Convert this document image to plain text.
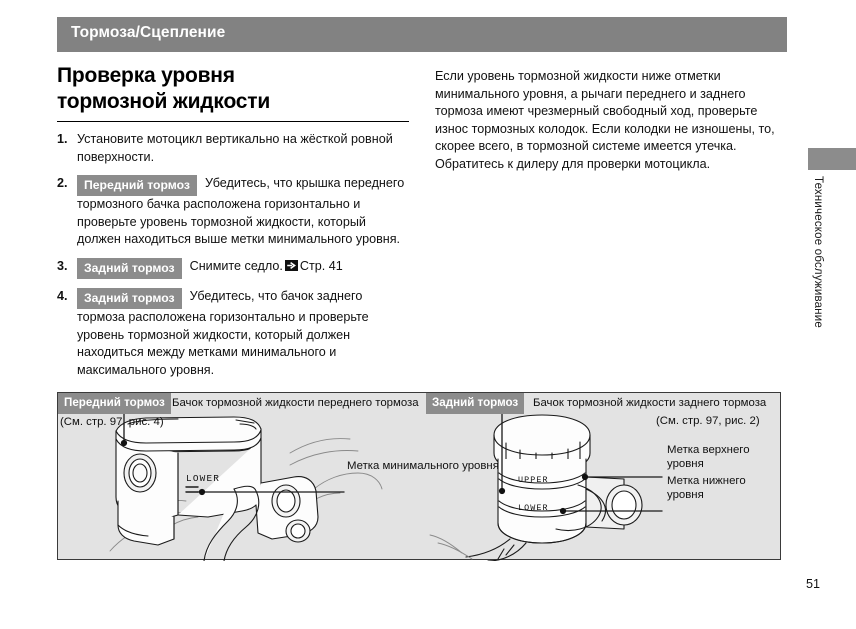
Тормоза/Сцепление
Техническое обслуживание
Проверка уровня
тормозной жидкости
1. Установите мотоцикл вертикально на жёсткой ровной поверхности.
2. Передний тормоз Убедитесь, что крышка переднего тормозного бачка расположена горизонтально и проверьте уровень тормозной жидкости, который должен находиться выше метки минимального уровня.
3. Задний тормоз Снимите седло. Стр. 41
4. Задний тормоз Убедитесь, что бачок заднего тормоза расположена горизонтально и проверьте уровень тормозной жидкости, который должен находиться между метками минимального и максимального уровня.

Если уровень тормозной жидкости ниже отметки минимального уровня, а рычаги переднего и заднего тормоза имеют чрезмерный свободный ход, проверьте износ тормозных колодок. Если колодки не изношены, то, скорее всего, в тормозной системе имеется утечка. Обратитесь к дилеру для проверки мотоцикла.

LOWER	UPPER
LOWER
Передний тормоз Бачок тормозной жидкости переднего тормоза
(См. стр. 97, рис. 4)
Задний тормоз	Бачок тормозной жидкости заднего тормоза
(См. стр. 97, рис. 2)
Метка минимального уровня
Метка верхнего уровня
Метка нижнего уровня
51
